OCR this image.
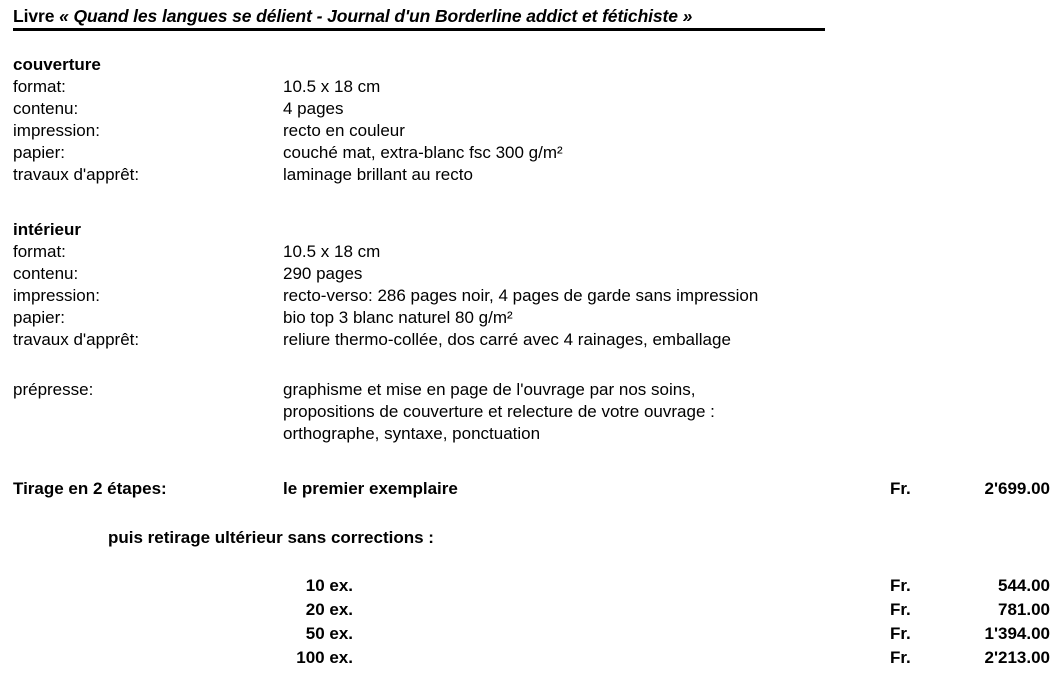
Livre « Quand les langues se délient - Journal d'un Borderline addict et fétichiste »
couverture
format:	10.5 x 18 cm
contenu:	4 pages
impression:	recto en couleur
papier:	couché mat, extra-blanc fsc 300 g/m²
travaux d'apprêt:	laminage brillant au recto
intérieur
format:	10.5 x 18 cm
contenu:	290 pages
impression:	recto-verso: 286 pages noir, 4 pages de garde sans impression
papier:	bio top 3 blanc naturel 80 g/m²
travaux d'apprêt:	reliure thermo-collée, dos carré avec 4 rainages, emballage
prépresse:	graphisme et mise en page de l'ouvrage par nos soins,
propositions de couverture et relecture de votre ouvrage :
orthographe, syntaxe, ponctuation
Tirage en 2 étapes:	le premier exemplaire	Fr.	2'699.00
puis retirage ultérieur sans corrections :
10 ex.	Fr.	544.00
20 ex.	Fr.	781.00
50 ex.	Fr.	1'394.00
100 ex.	Fr.	2'213.00
